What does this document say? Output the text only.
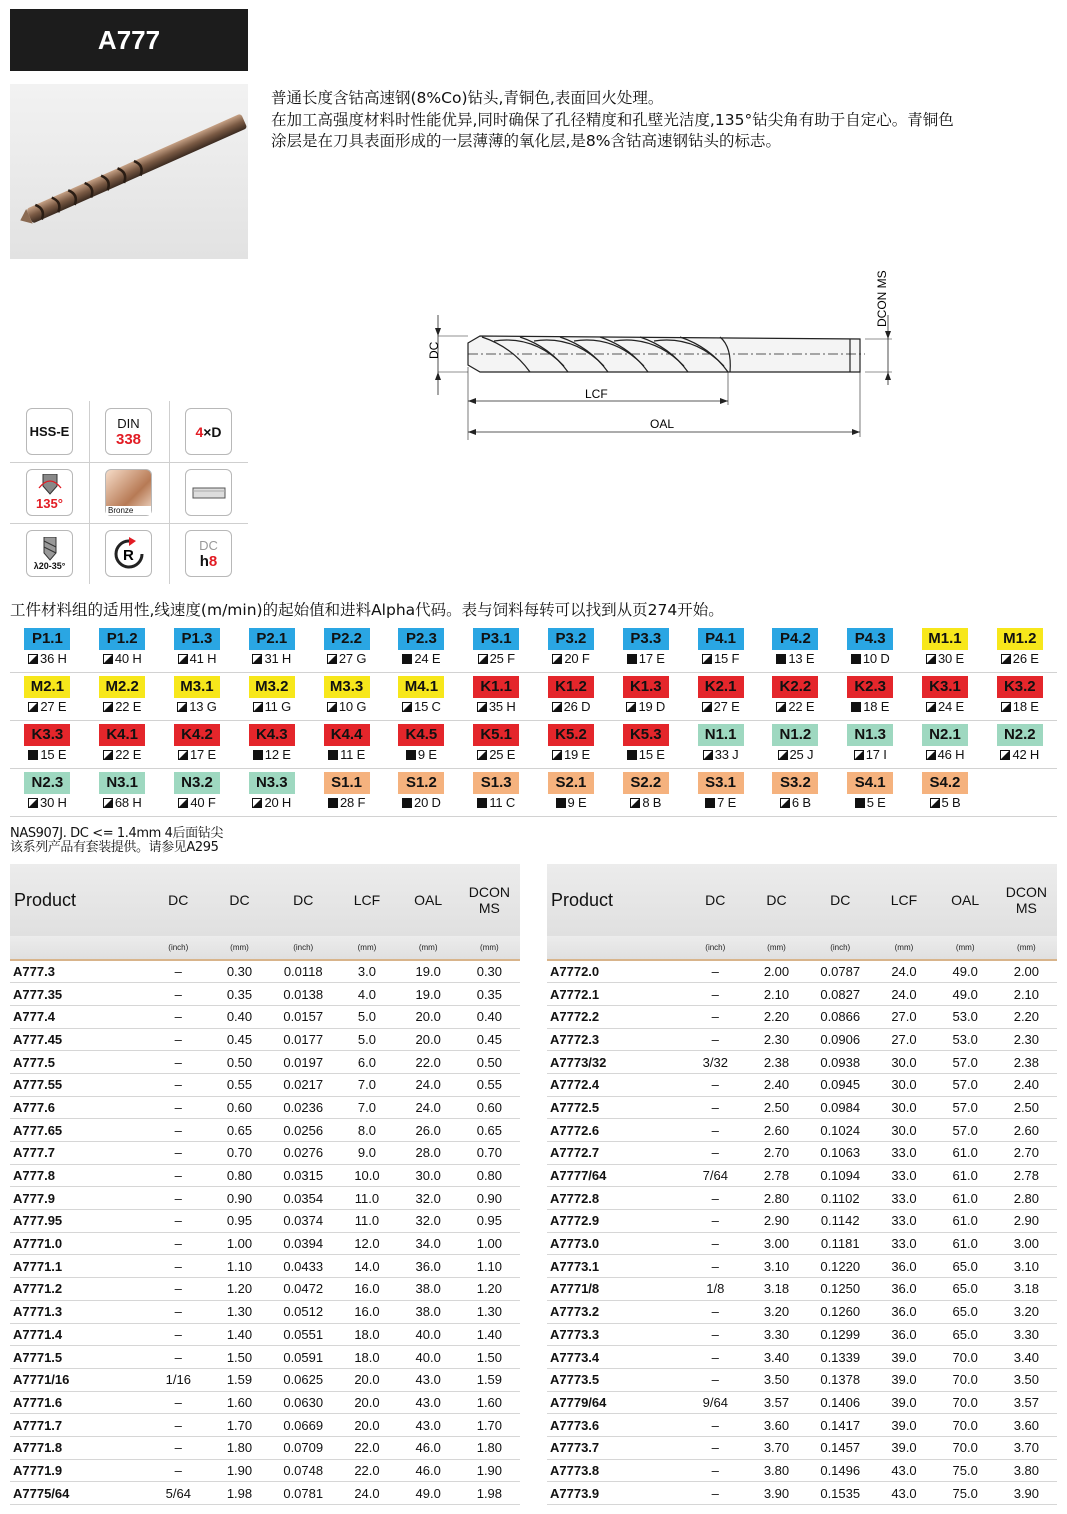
A777
普通长度含钴高速钢(8%Co)钻头,青铜色,表面回火处理。
在加工高强度材料时性能优异,同时确保了孔径精度和孔壁光洁度,135°钻尖角有助于自定心。青铜色
涂层是在刀具表面形成的一层薄薄的氧化层,是8%含钴高速钢钻头的标志。
DC
DCON MS
LCF
OAL
HSS-E
DIN
338	4 ×D
135°	Bronze
λ20-35°
R
DC
h8
工件材料组的适用性,线速度(m/min)的起始值和进料Alpha代码。表与饲料每转可以找到从页274开始。
P1.1
36 H
P1.2
40 H
P1.3
41 H
P2.1
31 H
P2.2
27 G
P2.3
24 E
P3.1
25 F
P3.2
20 F
P3.3
17 E
P4.1
15 F
P4.2
13 E
P4.3
10 D
M1.1
30 E
M1.2
26 E
M2.1
27 E
M2.2
22 E
M3.1
13 G
M3.2
11 G
M3.3
10 G
M4.1
15 C
K1.1
35 H
K1.2
26 D
K1.3
19 D
K2.1
27 E
K2.2
22 E
K2.3
18 E
K3.1
24 E
K3.2
18 E
K3.3
15 E
K4.1
22 E
K4.2
17 E
K4.3
12 E
K4.4
11 E
K4.5
9 E
K5.1
25 E
K5.2
19 E
K5.3
15 E
N1.1
33 J
N1.2
25 J
N1.3
17 I
N2.1
46 H
N2.2
42 H
N2.3
30 H
N3.1
68 H
N3.2
40 F
N3.3
20 H
S1.1
28 F
S1.2
20 D
S1.3
11 C
S2.1
9 E
S2.2
8 B
S3.1
7 E
S3.2
6 B
S4.1
5 E
S4.2
5 B
NAS907J. DC <= 1.4mm 4后面钻尖
该系列产品有套装提供。请参见A295
Product	DC	DC	DC	LCF	OAL	DCON MS
	(inch)	(mm)	(inch)	(mm)	(mm)	(mm)
A777.3	–	0.30	0.0118	3.0	19.0	0.30
A777.35	–	0.35	0.0138	4.0	19.0	0.35
A777.4	–	0.40	0.0157	5.0	20.0	0.40
A777.45	–	0.45	0.0177	5.0	20.0	0.45
A777.5	–	0.50	0.0197	6.0	22.0	0.50
A777.55	–	0.55	0.0217	7.0	24.0	0.55
A777.6	–	0.60	0.0236	7.0	24.0	0.60
A777.65	–	0.65	0.0256	8.0	26.0	0.65
A777.7	–	0.70	0.0276	9.0	28.0	0.70
A777.8	–	0.80	0.0315	10.0	30.0	0.80
A777.9	–	0.90	0.0354	11.0	32.0	0.90
A777.95	–	0.95	0.0374	11.0	32.0	0.95
A7771.0	–	1.00	0.0394	12.0	34.0	1.00
A7771.1	–	1.10	0.0433	14.0	36.0	1.10
A7771.2	–	1.20	0.0472	16.0	38.0	1.20
A7771.3	–	1.30	0.0512	16.0	38.0	1.30
A7771.4	–	1.40	0.0551	18.0	40.0	1.40
A7771.5	–	1.50	0.0591	18.0	40.0	1.50
A7771/16	1/16	1.59	0.0625	20.0	43.0	1.59
A7771.6	–	1.60	0.0630	20.0	43.0	1.60
A7771.7	–	1.70	0.0669	20.0	43.0	1.70
A7771.8	–	1.80	0.0709	22.0	46.0	1.80
A7771.9	–	1.90	0.0748	22.0	46.0	1.90
A7775/64	5/64	1.98	0.0781	24.0	49.0	1.98
Product	DC	DC	DC	LCF	OAL	DCON MS
	(inch)	(mm)	(inch)	(mm)	(mm)	(mm)
A7772.0	–	2.00	0.0787	24.0	49.0	2.00
A7772.1	–	2.10	0.0827	24.0	49.0	2.10
A7772.2	–	2.20	0.0866	27.0	53.0	2.20
A7772.3	–	2.30	0.0906	27.0	53.0	2.30
A7773/32	3/32	2.38	0.0938	30.0	57.0	2.38
A7772.4	–	2.40	0.0945	30.0	57.0	2.40
A7772.5	–	2.50	0.0984	30.0	57.0	2.50
A7772.6	–	2.60	0.1024	30.0	57.0	2.60
A7772.7	–	2.70	0.1063	33.0	61.0	2.70
A7777/64	7/64	2.78	0.1094	33.0	61.0	2.78
A7772.8	–	2.80	0.1102	33.0	61.0	2.80
A7772.9	–	2.90	0.1142	33.0	61.0	2.90
A7773.0	–	3.00	0.1181	33.0	61.0	3.00
A7773.1	–	3.10	0.1220	36.0	65.0	3.10
A7771/8	1/8	3.18	0.1250	36.0	65.0	3.18
A7773.2	–	3.20	0.1260	36.0	65.0	3.20
A7773.3	–	3.30	0.1299	36.0	65.0	3.30
A7773.4	–	3.40	0.1339	39.0	70.0	3.40
A7773.5	–	3.50	0.1378	39.0	70.0	3.50
A7779/64	9/64	3.57	0.1406	39.0	70.0	3.57
A7773.6	–	3.60	0.1417	39.0	70.0	3.60
A7773.7	–	3.70	0.1457	39.0	70.0	3.70
A7773.8	–	3.80	0.1496	43.0	75.0	3.80
A7773.9	–	3.90	0.1535	43.0	75.0	3.90
